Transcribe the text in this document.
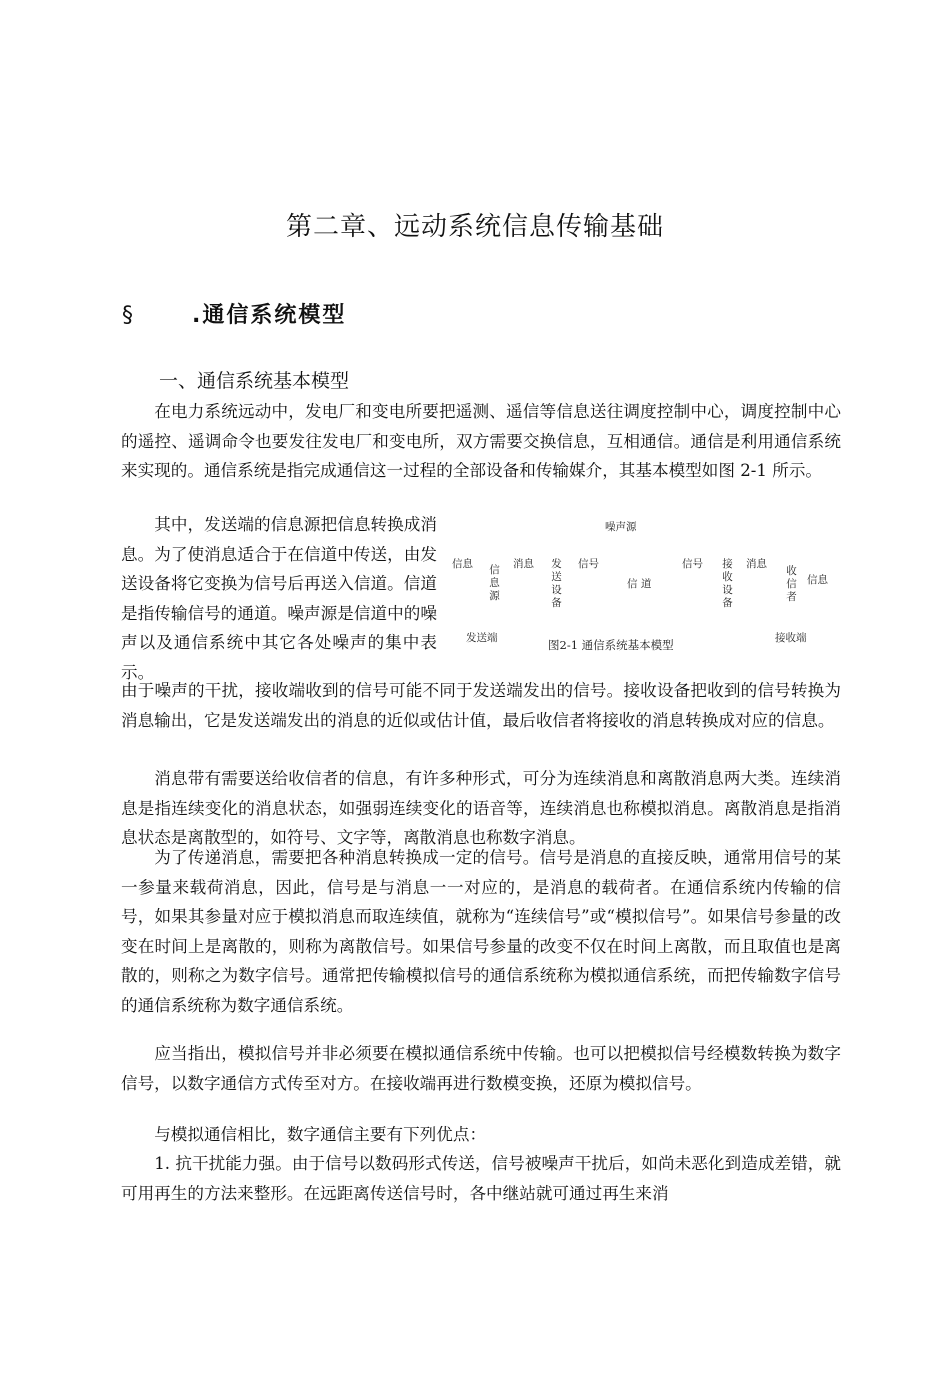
第二章、远动系统信息传输基础
§	.通信系统模型
一、通信系统基本模型

在电力系统远动中，发电厂和变电所要把遥测、遥信等信息送往调度控制中心，调度控制中心的遥控、遥调命令也要发往发电厂和变电所，双方需要交换信息，互相通信。通信是利用通信系统来实现的。通信系统是指完成通信这一过程的全部设备和传输媒介，其基本模型如图 2-1 所示。

其中，发送端的信息源把信息转换成消息。为了使消息适合于在信道中传送，由发送设备将它变换为信号后再送入信道。信道是指传输信号的通道。噪声源是信道中的噪声以及通信系统中其它各处噪声的集中表示。

噪声源
信息 信息源
消息 发送设备
信号
信 道
信号 接收设备
消息
收信者
信息
发送端	图2-1 通信系统基本模型	接收端

由于噪声的干扰，接收端收到的信号可能不同于发送端发出的信号。接收设备把收到的信号转换为消息输出，它是发送端发出的消息的近似或估计值，最后收信者将接收的消息转换成对应的信息。

消息带有需要送给收信者的信息，有许多种形式，可分为连续消息和离散消息两大类。连续消息是指连续变化的消息状态，如强弱连续变化的语音等，连续消息也称模拟消息。离散消息是指消息状态是离散型的，如符号、文字等，离散消息也称数字消息。

为了传递消息，需要把各种消息转换成一定的信号。信号是消息的直接反映，通常用信号的某一参量来载荷消息，因此，信号是与消息一一对应的，是消息的载荷者。在通信系统内传输的信号，如果其参量对应于模拟消息而取连续值，就称为“连续信号”或“模拟信号”。如果信号参量的改变在时间上是离散的，则称为离散信号。如果信号参量的改变不仅在时间上离散，而且取值也是离散的，则称之为数字信号。通常把传输模拟信号的通信系统称为模拟通信系统，而把传输数字信号的通信系统称为数字通信系统。

应当指出，模拟信号并非必须要在模拟通信系统中传输。也可以把模拟信号经模数转换为数字信号，以数字通信方式传至对方。在接收端再进行数模变换，还原为模拟信号。

与模拟通信相比，数字通信主要有下列优点：

1. 抗干扰能力强。由于信号以数码形式传送，信号被噪声干扰后，如尚未恶化到造成差错，就可用再生的方法来整形。在远距离传送信号时，各中继站就可通过再生来消
